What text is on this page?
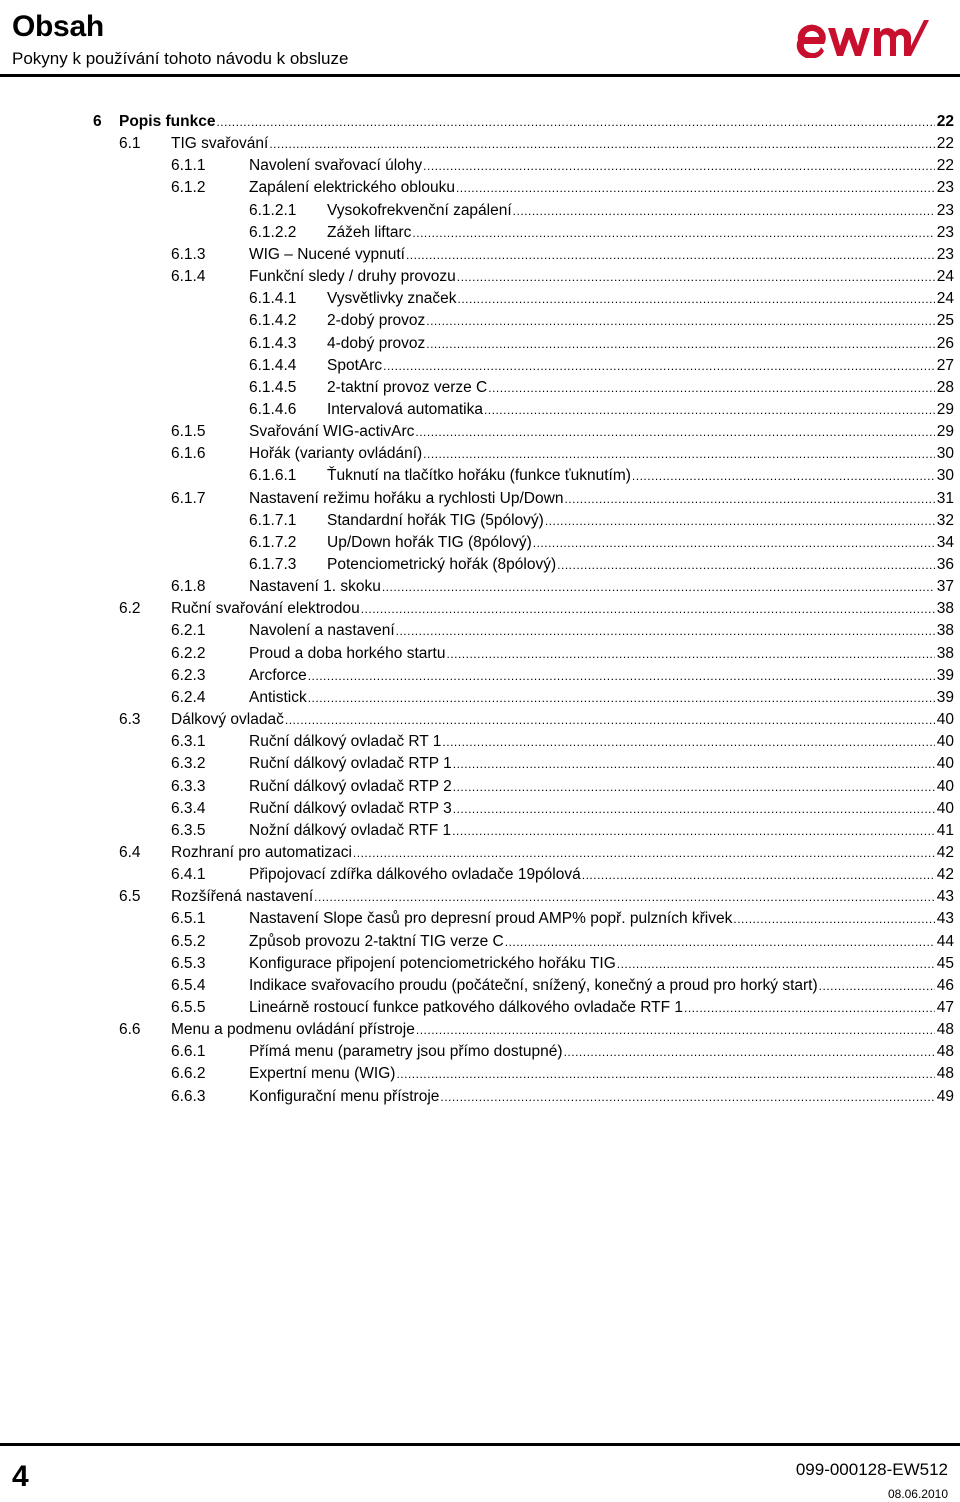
Obsah
Pokyny k používání tohoto návodu k obsluze
6	Popis funkce .....	22
6.1	TIG svařování .....	22
6.1.1	Navolení svařovací úlohy .....	22
6.1.2	Zapálení elektrického oblouku .....	23
6.1.2.1	Vysokofrekvenční zapálení .....	23
6.1.2.2	Zážeh liftarc .....	23
6.1.3	WIG – Nucené vypnutí .....	23
6.1.4	Funkční sledy / druhy provozu .....	24
6.1.4.1	Vysvětlivky značek .....	24
6.1.4.2	2-dobý provoz .....	25
6.1.4.3	4-dobý provoz .....	26
6.1.4.4	SpotArc .....	27
6.1.4.5	2-taktní provoz verze C .....	28
6.1.4.6	Intervalová automatika .....	29
6.1.5	Svařování WIG-activArc .....	29
6.1.6	Hořák (varianty ovládání) .....	30
6.1.6.1	Ťuknutí na tlačítko hořáku (funkce ťuknutím) .....	30
6.1.7	Nastavení režimu hořáku a rychlosti Up/Down .....	31
6.1.7.1	Standardní hořák TIG (5pólový) .....	32
6.1.7.2	Up/Down hořák TIG (8pólový) .....	34
6.1.7.3	Potenciometrický hořák (8pólový) .....	36
6.1.8	Nastavení 1. skoku .....	37
6.2	Ruční svařování elektrodou .....	38
6.2.1	Navolení a nastavení .....	38
6.2.2	Proud a doba horkého startu .....	38
6.2.3	Arcforce .....	39
6.2.4	Antistick .....	39
6.3	Dálkový ovladač .....	40
6.3.1	Ruční dálkový ovladač RT 1 .....	40
6.3.2	Ruční dálkový ovladač RTP 1 .....	40
6.3.3	Ruční dálkový ovladač RTP 2 .....	40
6.3.4	Ruční dálkový ovladač RTP 3 .....	40
6.3.5	Nožní dálkový ovladač RTF 1 .....	41
6.4	Rozhraní pro automatizaci .....	42
6.4.1	Připojovací zdířka dálkového ovladače 19pólová .....	42
6.5	Rozšířená nastavení .....	43
6.5.1	Nastavení Slope časů pro depresní proud AMP% popř. pulzních křivek .....	43
6.5.2	Způsob provozu 2-taktní TIG verze C .....	44
6.5.3	Konfigurace připojení potenciometrického hořáku TIG .....	45
6.5.4	Indikace svařovacího proudu (počáteční, snížený, konečný a proud pro horký start) .....	46
6.5.5	Lineárně rostoucí funkce patkového dálkového ovladače RTF 1 .....	47
6.6	Menu a podmenu ovládání přístroje .....	48
6.6.1	Přímá menu (parametry jsou přímo dostupné) .....	48
6.6.2	Expertní menu (WIG) .....	48
6.6.3	Konfigurační menu přístroje .....	49
4	099-000128-EW512
08.06.2010
